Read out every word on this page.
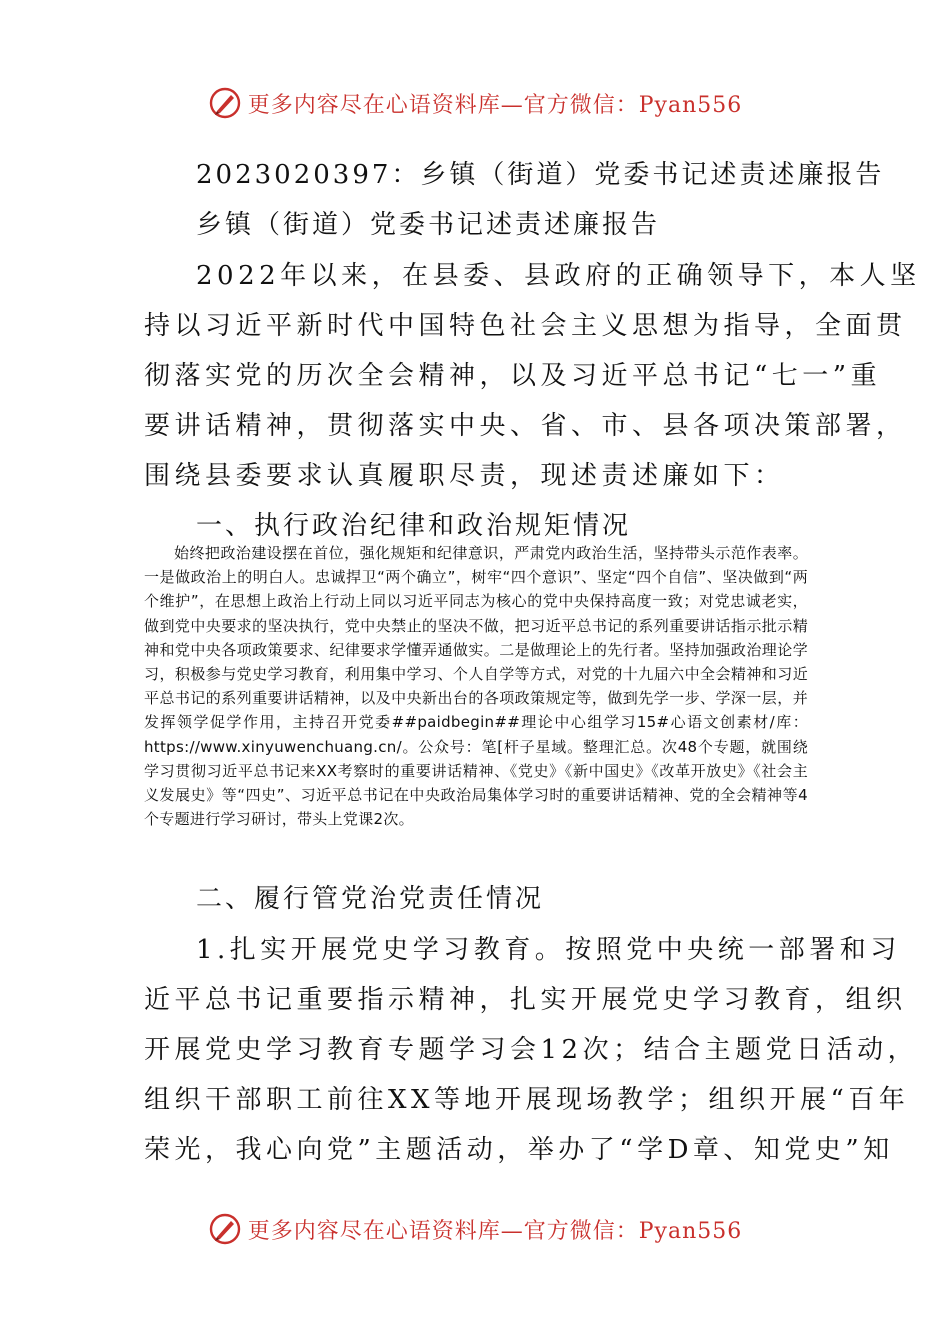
更多内容尽在心语资料库—官方微信：Pyan556
2023020397：乡镇（街道）党委书记述责述廉报告
乡镇（街道）党委书记述责述廉报告
2022年以来，在县委、县政府的正确领导下，本人坚
持以习近平新时代中国特色社会主义思想为指导，全面贯
彻落实党的历次全会精神，以及习近平总书记“七一”重
要讲话精神，贯彻落实中央、省、市、县各项决策部署，
围绕县委要求认真履职尽责，现述责述廉如下：
一、执行政治纪律和政治规矩情况
始终把政治建设摆在首位，强化规矩和纪律意识，严肃党内政治生活，坚持带头示范作表率。一是做政治上的明白人。忠诚捍卫“两个确立”，树牢“四个意识”、坚定“四个自信”、坚决做到“两个维护”，在思想上政治上行动上同以习近平同志为核心的党中央保持高度一致；对党忠诚老实，做到党中央要求的坚决执行，党中央禁止的坚决不做，把习近平总书记的系列重要讲话指示批示精神和党中央各项政策要求、纪律要求学懂弄通做实。二是做理论上的先行者。坚持加强政治理论学习，积极参与党史学习教育，利用集中学习、个人自学等方式，对党的十九届六中全会精神和习近平总书记的系列重要讲话精神，以及中央新出台的各项政策规定等，做到先学一步、学深一层，并发挥领学促学作用，主持召开党委##paidbegin##理论中心组学习15#心语文创素材/库：https://www.xinyuwenchuang.cn/。公众号：笔[杆子星域。整理汇总。次48个专题，就围绕学习贯彻习近平总书记来XX考察时的重要讲话精神、《党史》《新中国史》《改革开放史》《社会主义发展史》等“四史”、习近平总书记在中央政治局集体学习时的重要讲话精神、党的全会精神等4个专题进行学习研讨，带头上党课2次。
二、履行管党治党责任情况
1.扎实开展党史学习教育。按照党中央统一部署和习
近平总书记重要指示精神，扎实开展党史学习教育，组织
开展党史学习教育专题学习会12次；结合主题党日活动，
组织干部职工前往XX等地开展现场教学；组织开展“百年
荣光，我心向党”主题活动，举办了“学D章、知党史”知
更多内容尽在心语资料库—官方微信：Pyan556
